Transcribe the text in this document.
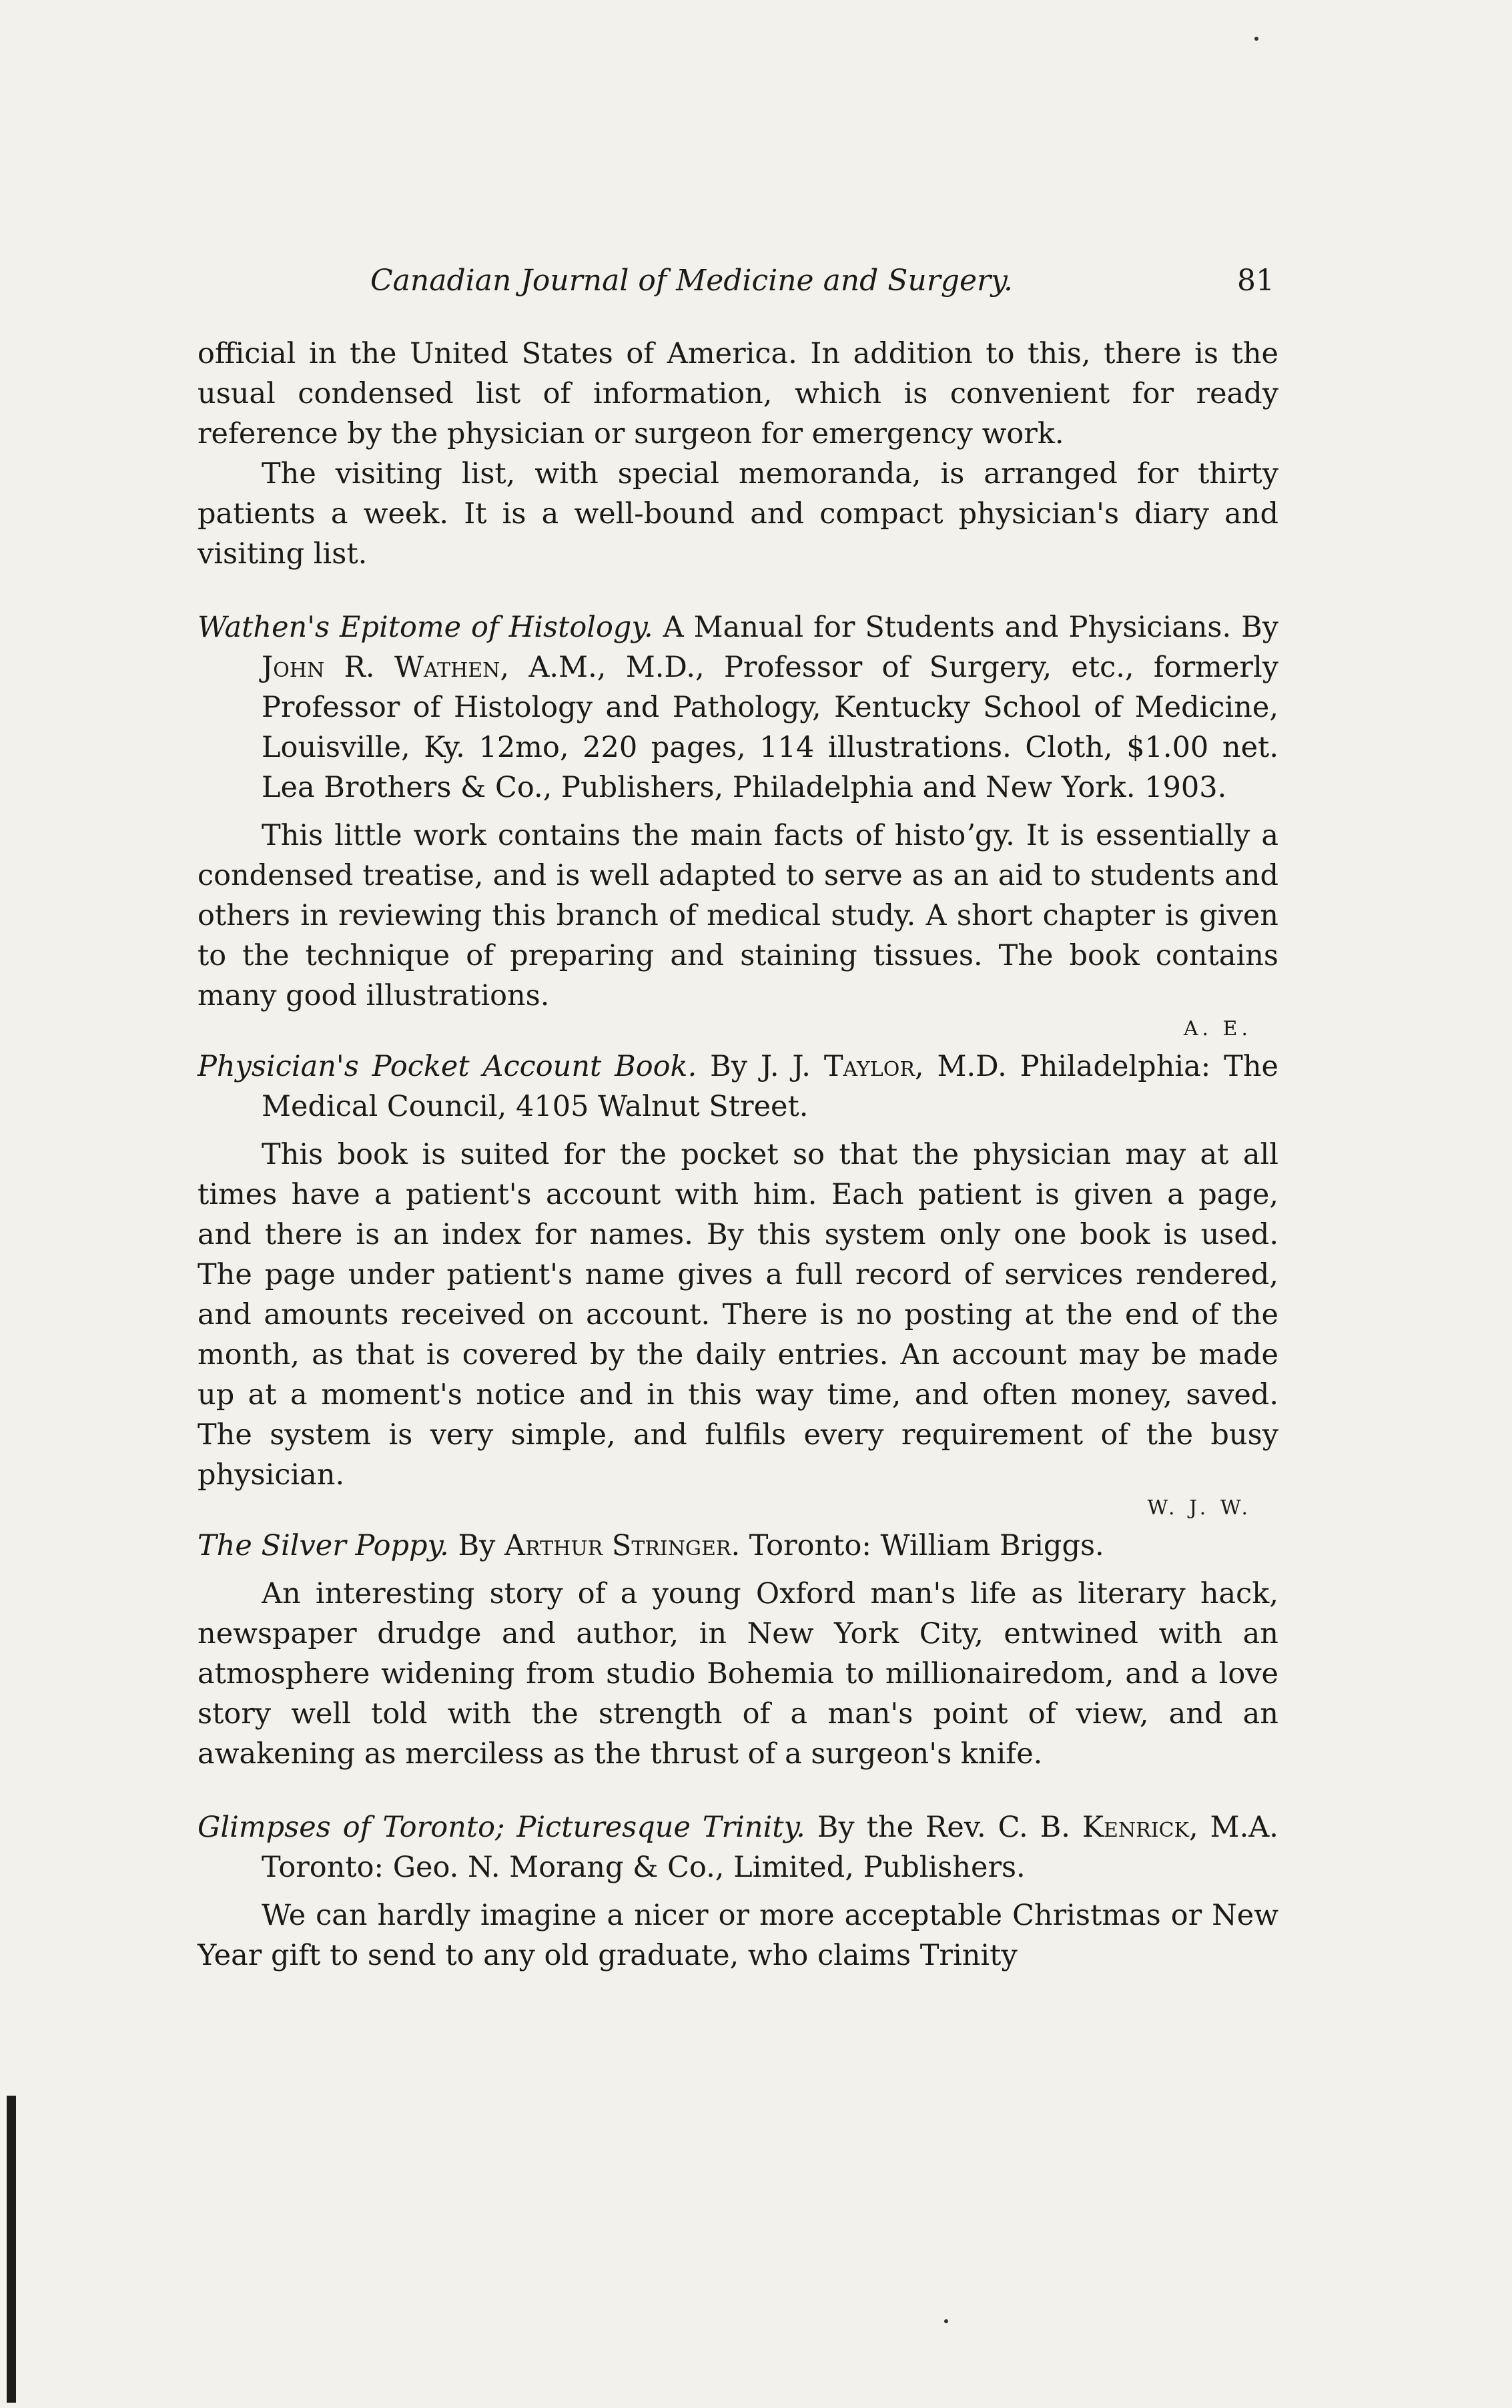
Canadian Journal of Medicine and Surgery.	81

official in the United States of America. In addition to this, there is the usual condensed list of information, which is convenient for ready reference by the physician or surgeon for emergency work.

The visiting list, with special memoranda, is arranged for thirty patients a week. It is a well-bound and compact physician's diary and visiting list.

Wathen's Epitome of Histology. A Manual for Students and Physicians. By John R. Wathen, A.M., M.D., Professor of Surgery, etc., formerly Professor of Histology and Pathology, Kentucky School of Medicine, Louisville, Ky. 12mo, 220 pages, 114 illustrations. Cloth, $1.00 net. Lea Brothers & Co., Publishers, Philadelphia and New York. 1903.

This little work contains the main facts of histoʼgy. It is essentially a condensed treatise, and is well adapted to serve as an aid to students and others in reviewing this branch of medical study. A short chapter is given to the technique of preparing and staining tissues. The book contains many good illustrations.

A. E.

Physician's Pocket Account Book. By J. J. Taylor, M.D. Philadelphia: The Medical Council, 4105 Walnut Street.

This book is suited for the pocket so that the physician may at all times have a patient's account with him. Each patient is given a page, and there is an index for names. By this system only one book is used. The page under patient's name gives a full record of services rendered, and amounts received on account. There is no posting at the end of the month, as that is covered by the daily entries. An account may be made up at a moment's notice and in this way time, and often money, saved. The system is very simple, and fulfils every requirement of the busy physician.

W. J. W.

The Silver Poppy. By Arthur Stringer. Toronto: William Briggs.

An interesting story of a young Oxford man's life as literary hack, newspaper drudge and author, in New York City, entwined with an atmosphere widening from studio Bohemia to millionairedom, and a love story well told with the strength of a man's point of view, and an awakening as merciless as the thrust of a surgeon's knife.

Glimpses of Toronto; Picturesque Trinity. By the Rev. C. B. Kenrick, M.A. Toronto: Geo. N. Morang & Co., Limited, Publishers.

We can hardly imagine a nicer or more acceptable Christmas or New Year gift to send to any old graduate, who claims Trinity
